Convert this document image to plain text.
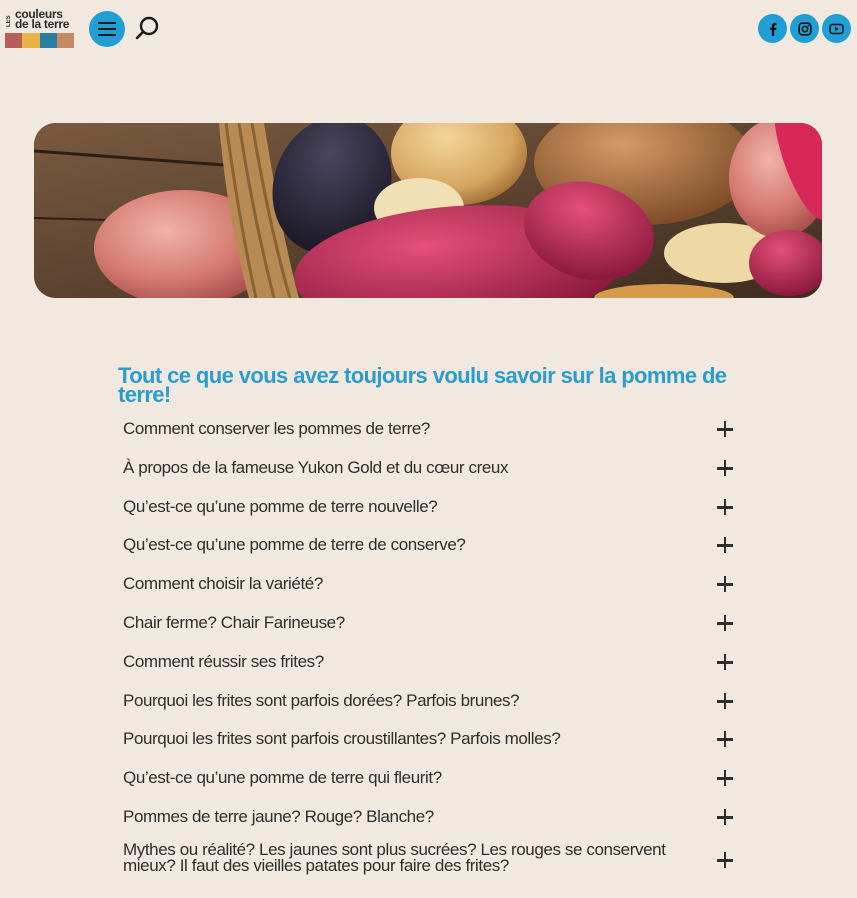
LES
couleurs
de la terre
Tout ce que vous avez toujours voulu savoir sur la pomme de terre!
Comment conserver les pommes de terre?
À propos de la fameuse Yukon Gold et du cœur creux
Qu’est-ce qu’une pomme de terre nouvelle?
Qu’est-ce qu’une pomme de terre de conserve?
Comment choisir la variété?
Chair ferme? Chair Farineuse?
Comment réussir ses frites?
Pourquoi les frites sont parfois dorées? Parfois brunes?
Pourquoi les frites sont parfois croustillantes? Parfois molles?
Qu’est-ce qu’une pomme de terre qui fleurit?
Pommes de terre jaune? Rouge? Blanche?
Mythes ou réalité? Les jaunes sont plus sucrées? Les rouges se conservent mieux? Il faut des vieilles patates pour faire des frites?
